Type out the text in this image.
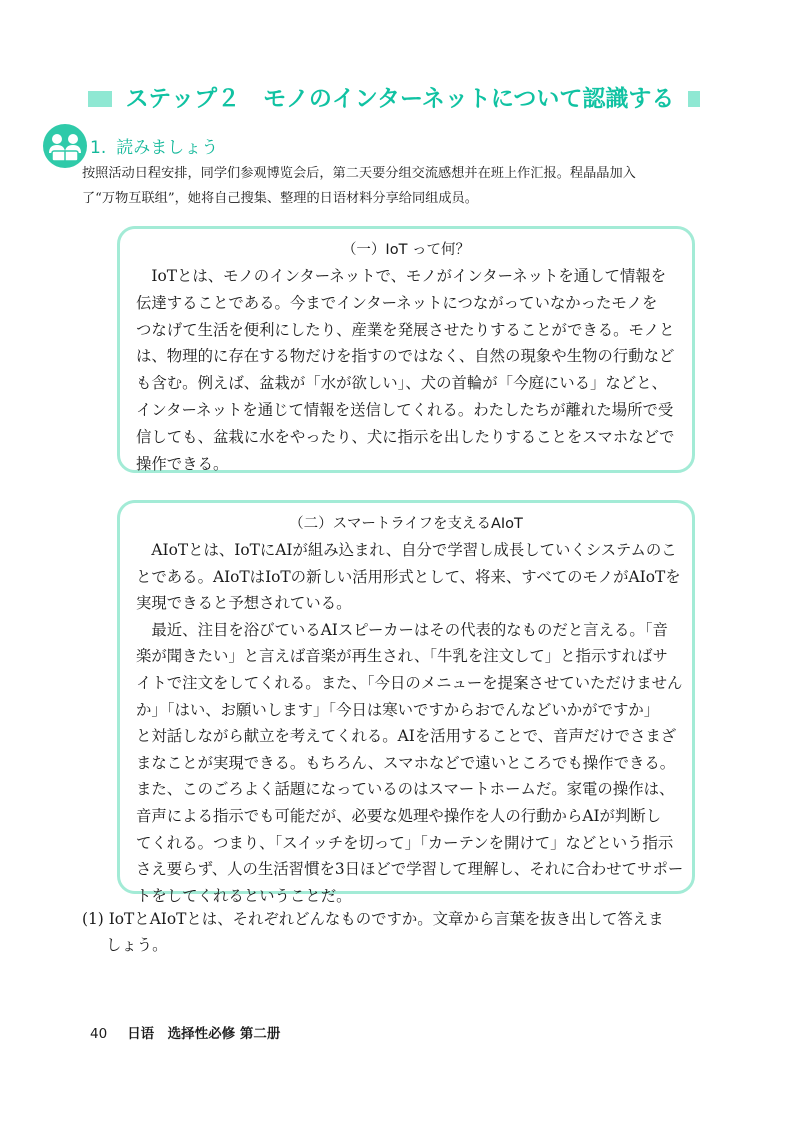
ステップ２　モノのインターネットについて認識する
1. 読みましょう
按照活动日程安排，同学们参观博览会后，第二天要分组交流感想并在班上作汇报。程晶晶加入
了“万物互联组”，她将自己搜集、整理的日语材料分享给同组成员。
（一）IoT って何？
　IoTとは、モノのインターネットで、モノがインターネットを通して情報を
伝達することである。今までインターネットにつながっていなかったモノを
つなげて生活を便利にしたり、産業を発展させたりすることができる。モノと
は、物理的に存在する物だけを指すのではなく、自然の現象や生物の行動など
も含む。例えば、盆栽が「水が欲しい」、犬の首輪が「今庭にいる」などと、
インターネットを通じて情報を送信してくれる。わたしたちが離れた場所で受
信しても、盆栽に水をやったり、犬に指示を出したりすることをスマホなどで
操作できる。
（二）スマートライフを支えるAIoT
　AIoTとは、IoTにAIが組み込まれ、自分で学習し成長していくシステムのこ
とである。AIoTはIoTの新しい活用形式として、将来、すべてのモノがAIoTを
実現できると予想されている。
　最近、注目を浴びているAIスピーカーはその代表的なものだと言える。「音
楽が聞きたい」と言えば音楽が再生され、「牛乳を注文して」と指示すればサ
イトで注文をしてくれる。また、「今日のメニューを提案させていただけません
か」「はい、お願いします」「今日は寒いですからおでんなどいかがですか」
と対話しながら献立を考えてくれる。AIを活用することで、音声だけでさまざ
まなことが実現できる。もちろん、スマホなどで遠いところでも操作できる。
また、このごろよく話題になっているのはスマートホームだ。家電の操作は、
音声による指示でも可能だが、必要な処理や操作を人の行動からAIが判断し
てくれる。つまり、「スイッチを切って」「カーテンを開けて」などという指示
さえ要らず、人の生活習慣を3日ほどで学習して理解し、それに合わせてサポー
トをしてくれるということだ。
(1) IoTとAIoTとは、それぞれどんなものですか。文章から言葉を抜き出して答えま
しょう。
40 日语　选择性必修 第二册
